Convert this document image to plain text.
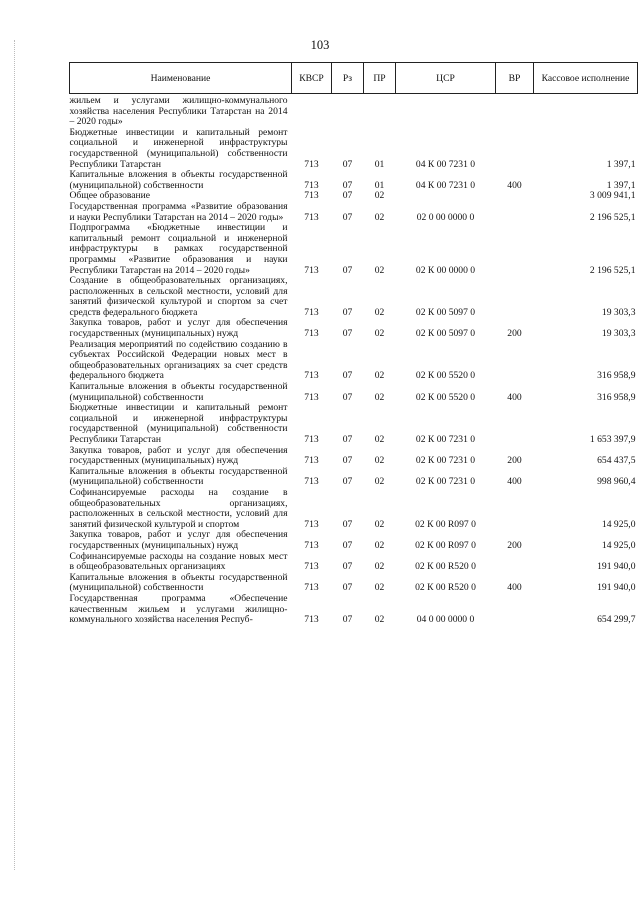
103
Наименование	КВСР	Рз	ПР	ЦСР	ВР	Кассовое исполнение
жильем и услугами жилищно-коммунального хозяйства населения Республики Татарстан на 2014 – 2020 годы»						
Бюджетные инвестиции и капитальный ремонт социальной и инженерной инфраструктуры государственной (муниципальной) собственности Республики Татарстан	713	07	01	04 К 00 7231 0		1 397,1
Капитальные вложения в объекты государственной (муниципальной) собственности	713	07	01	04 К 00 7231 0	400	1 397,1
Общее образование	713	07	02			3 009 941,1
Государственная программа «Развитие образования и науки Республики Татарстан на 2014 – 2020 годы»	713	07	02	02 0 00 0000 0		2 196 525,1
Подпрограмма «Бюджетные инвестиции и капитальный ремонт социальной и инженерной инфраструктуры в рамках государственной программы «Развитие образования и науки Республики Татарстан на 2014 – 2020 годы»	713	07	02	02 К 00 0000 0		2 196 525,1
Создание в общеобразовательных организациях, расположенных в сельской местности, условий для занятий физической культурой и спортом за счет средств федерального бюджета	713	07	02	02 К 00 5097 0		19 303,3
Закупка товаров, работ и услуг для обеспечения государственных (муниципальных) нужд	713	07	02	02 К 00 5097 0	200	19 303,3
Реализация мероприятий по содействию созданию в субъектах Российской Федерации новых мест в общеобразовательных организациях за счет средств федерального бюджета	713	07	02	02 К 00 5520 0		316 958,9
Капитальные вложения в объекты государственной (муниципальной) собственности	713	07	02	02 К 00 5520 0	400	316 958,9
Бюджетные инвестиции и капитальный ремонт социальной и инженерной инфраструктуры государственной (муниципальной) собственности Республики Татарстан	713	07	02	02 К 00 7231 0		1 653 397,9
Закупка товаров, работ и услуг для обеспечения государственных (муниципальных) нужд	713	07	02	02 К 00 7231 0	200	654 437,5
Капитальные вложения в объекты государственной (муниципальной) собственности	713	07	02	02 К 00 7231 0	400	998 960,4
Софинансируемые расходы на создание в общеобразовательных организациях, расположенных в сельской местности, условий для занятий физической культурой и спортом	713	07	02	02 К 00 R097 0		14 925,0
Закупка товаров, работ и услуг для обеспечения государственных (муниципальных) нужд	713	07	02	02 К 00 R097 0	200	14 925,0
Софинансируемые расходы на создание новых мест в общеобразовательных организациях	713	07	02	02 К 00 R520 0		191 940,0
Капитальные вложения в объекты государственной (муниципальной) собственности	713	07	02	02 К 00 R520 0	400	191 940,0
Государственная программа «Обеспечение качественным жильем и услугами жилищно-коммунального хозяйства населения Респуб-	713	07	02	04 0 00 0000 0		654 299,7
